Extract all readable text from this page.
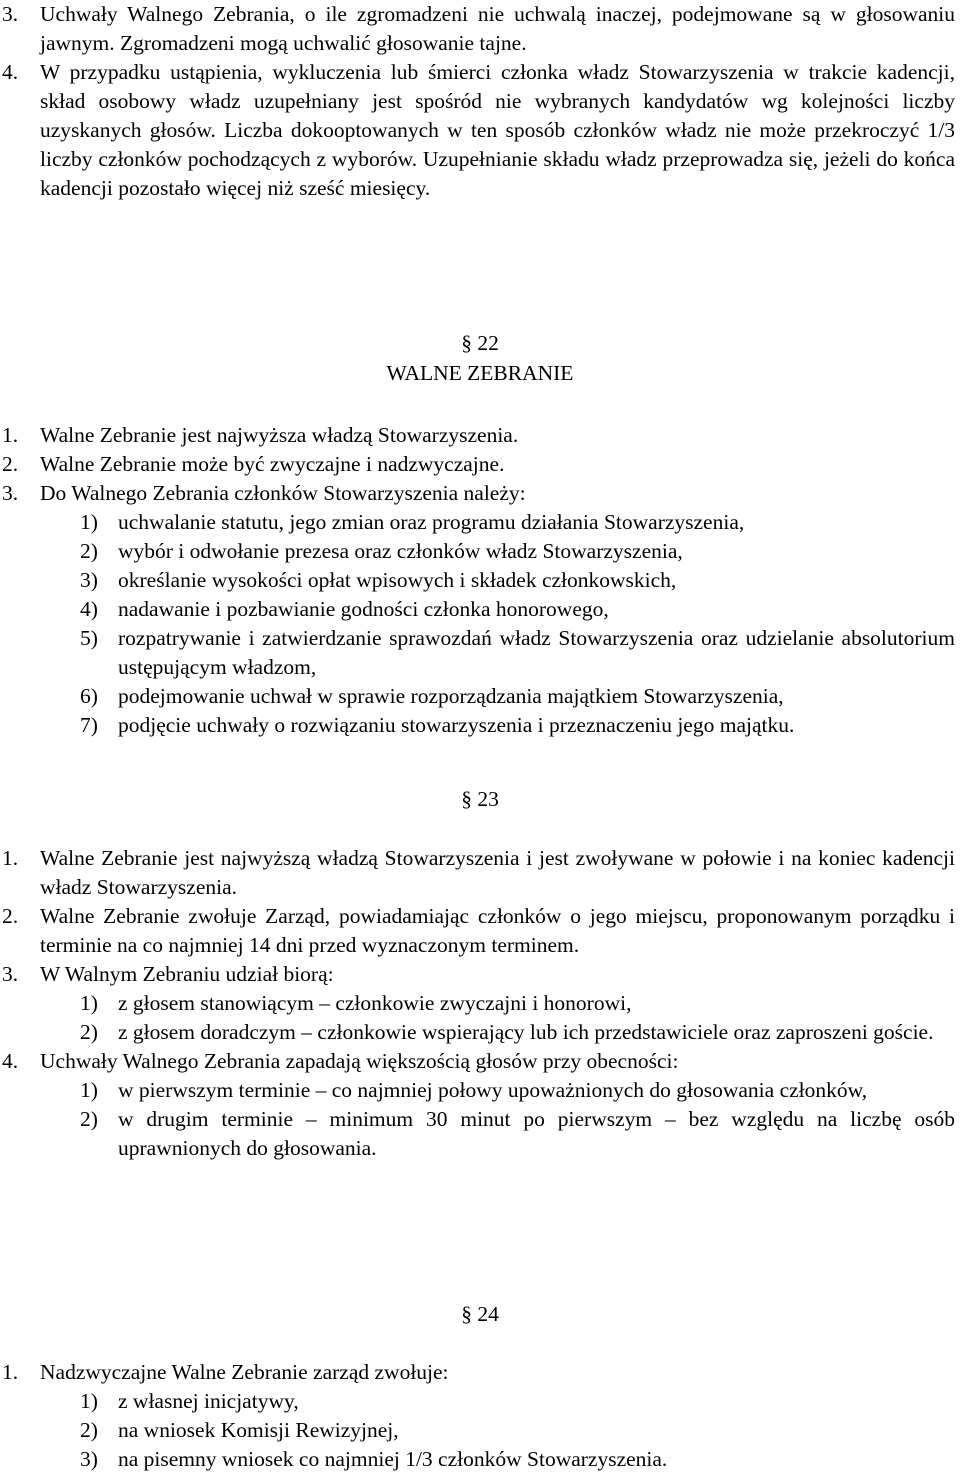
3.	Uchwały Walnego Zebrania, o ile zgromadzeni nie uchwalą inaczej, podejmowane są w głosowaniu jawnym. Zgromadzeni mogą uchwalić głosowanie tajne.
4.	W przypadku ustąpienia, wykluczenia lub śmierci członka władz Stowarzyszenia w trakcie kadencji, skład osobowy władz uzupełniany jest spośród nie wybranych kandydatów wg kolejności liczby uzyskanych głosów. Liczba dokooptowanych w ten sposób członków władz nie może przekroczyć 1/3 liczby członków pochodzących z wyborów. Uzupełnianie składu władz przeprowadza się, jeżeli do końca kadencji pozostało więcej niż sześć miesięcy.
§ 22
WALNE ZEBRANIE
1.	Walne Zebranie jest najwyższa władzą Stowarzyszenia.
2.	Walne Zebranie może być zwyczajne i nadzwyczajne.
3.	Do Walnego Zebrania członków Stowarzyszenia należy:
1) uchwalanie statutu, jego zmian oraz programu działania Stowarzyszenia,
2) wybór i odwołanie prezesa oraz członków władz Stowarzyszenia,
3) określanie wysokości opłat wpisowych i składek członkowskich,
4) nadawanie i pozbawianie godności członka honorowego,
5) rozpatrywanie i zatwierdzanie sprawozdań władz Stowarzyszenia oraz udzielanie absolutorium ustępującym władzom,
6) podejmowanie uchwał w sprawie rozporządzania majątkiem Stowarzyszenia,
7) podjęcie uchwały o rozwiązaniu stowarzyszenia i przeznaczeniu jego majątku.
§ 23
1.	Walne Zebranie jest najwyższą władzą Stowarzyszenia i jest zwoływane w połowie i na koniec kadencji władz Stowarzyszenia.
2.	Walne Zebranie zwołuje Zarząd, powiadamiając członków o jego miejscu, proponowanym porządku i terminie na co najmniej 14 dni przed wyznaczonym terminem.
3.	W Walnym Zebraniu udział biorą:
1) z głosem stanowiącym – członkowie zwyczajni i honorowi,
2) z głosem doradczym – członkowie wspierający lub ich przedstawiciele oraz zaproszeni goście.
4.	Uchwały Walnego Zebrania zapadają większością głosów przy obecności:
1) w pierwszym terminie – co najmniej połowy upoważnionych do głosowania członków,
2) w drugim terminie – minimum 30 minut po pierwszym – bez względu na liczbę osób uprawnionych do głosowania.
§ 24
1.	Nadzwyczajne Walne Zebranie zarząd zwołuje:
1) z własnej inicjatywy,
2) na wniosek Komisji Rewizyjnej,
3) na pisemny wniosek co najmniej 1/3 członków Stowarzyszenia.
